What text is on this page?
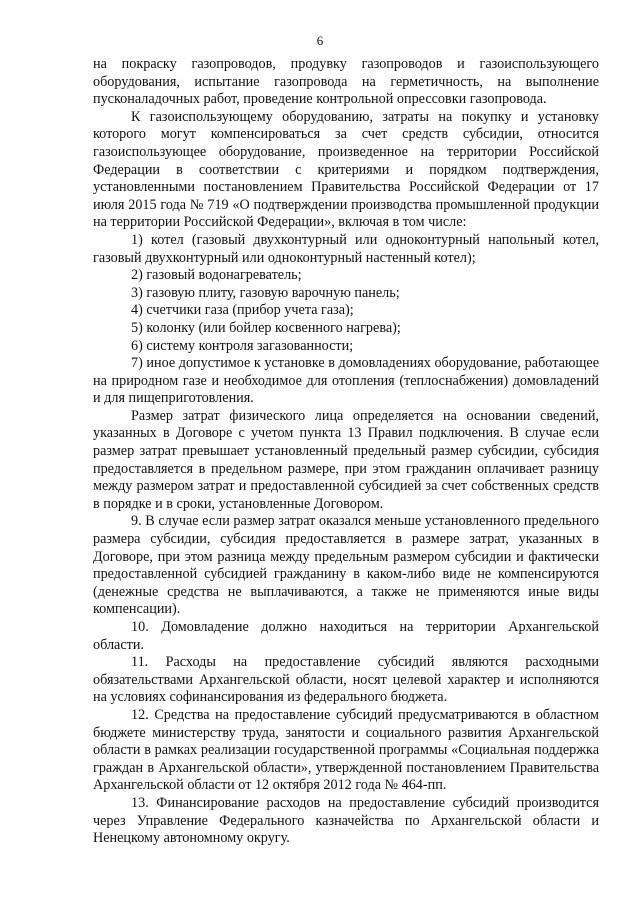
6

на покраску газопроводов, продувку газопроводов и газоиспользующего оборудования, испытание газопровода на герметичность, на выполнение пусконаладочных работ, проведение контрольной опрессовки газопровода.

К газоиспользующему оборудованию, затраты на покупку и установку которого могут компенсироваться за счет средств субсидии, относится газоиспользующее оборудование, произведенное на территории Российской Федерации в соответствии с критериями и порядком подтверждения, установленными постановлением Правительства Российской Федерации от 17 июля 2015 года № 719 «О подтверждении производства промышленной продукции на территории Российской Федерации», включая в том числе:

1) котел (газовый двухконтурный или одноконтурный напольный котел, газовый двухконтурный или одноконтурный настенный котел);

2) газовый водонагреватель;

3) газовую плиту, газовую варочную панель;

4) счетчики газа (прибор учета газа);

5) колонку (или бойлер косвенного нагрева);

6) систему контроля загазованности;

7) иное допустимое к установке в домовладениях оборудование, работающее на природном газе и необходимое для отопления (теплоснабжения) домовладений и для пищеприготовления.

Размер затрат физического лица определяется на основании сведений, указанных в Договоре с учетом пункта 13 Правил подключения. В случае если размер затрат превышает установленный предельный размер субсидии, субсидия предоставляется в предельном размере, при этом гражданин оплачивает разницу между размером затрат и предоставленной субсидией за счет собственных средств в порядке и в сроки, установленные Договором.

9. В случае если размер затрат оказался меньше установленного предельного размера субсидии, субсидия предоставляется в размере затрат, указанных в Договоре, при этом разница между предельным размером субсидии и фактически предоставленной субсидией гражданину в каком-либо виде не компенсируются (денежные средства не выплачиваются, а также не применяются иные виды компенсации).

10. Домовладение должно находиться на территории Архангельской области.

11. Расходы на предоставление субсидий являются расходными обязательствами Архангельской области, носят целевой характер и исполняются на условиях софинансирования из федерального бюджета.

12. Средства на предоставление субсидий предусматриваются в областном бюджете министерству труда, занятости и социального развития Архангельской области в рамках реализации государственной программы «Социальная поддержка граждан в Архангельской области», утвержденной постановлением Правительства Архангельской области от 12 октября 2012 года № 464-пп.

13. Финансирование расходов на предоставление субсидий производится через Управление Федерального казначейства по Архангельской области и Ненецкому автономному округу.
